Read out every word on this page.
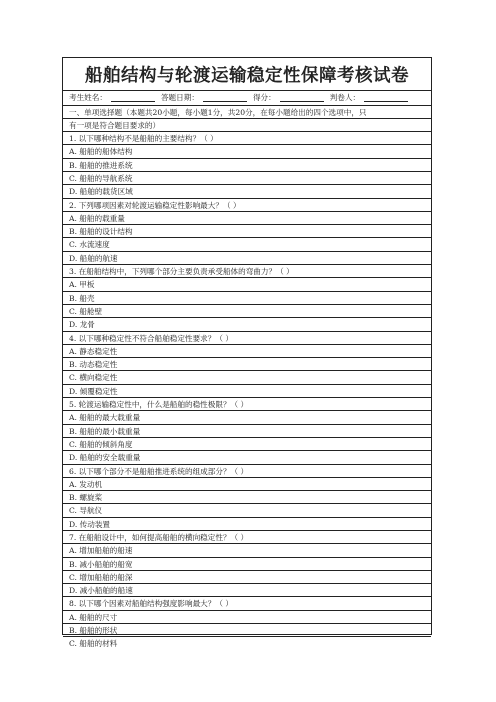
船舶结构与轮渡运输稳定性保障考核试卷
考生姓名：	答题日期：	得分：	判卷人：
一、单项选择题（本题共20小题，每小题1分，共20分，在每小题给出的四个选项中，只
有一项是符合题目要求的）
1. 以下哪种结构不是船舶的主要结构？（ ）
A. 船舶的船体结构
B. 船舶的推进系统
C. 船舶的导航系统
D. 船舶的载货区域
2. 下列哪项因素对轮渡运输稳定性影响最大？（ ）
A. 船舶的载重量
B. 船舶的设计结构
C. 水流速度
D. 船舶的航速
3. 在船舶结构中，下列哪个部分主要负责承受船体的弯曲力？（ ）
A. 甲板
B. 船壳
C. 船舱壁
D. 龙骨
4. 以下哪种稳定性不符合船舶稳定性要求？（ ）
A. 静态稳定性
B. 动态稳定性
C. 横向稳定性
D. 倾覆稳定性
5. 轮渡运输稳定性中，什么是船舶的稳性极限？（ ）
A. 船舶的最大载重量
B. 船舶的最小载重量
C. 船舶的倾斜角度
D. 船舶的安全载重量
6. 以下哪个部分不是船舶推进系统的组成部分？（ ）
A. 发动机
B. 螺旋桨
C. 导航仪
D. 传动装置
7. 在船舶设计中，如何提高船舶的横向稳定性？（ ）
A. 增加船舶的船速
B. 减小船舶的船宽
C. 增加船舶的船深
D. 减小船舶的船速
8. 以下哪个因素对船舶结构强度影响最大？（ ）
A. 船舶的尺寸
B. 船舶的形状
C. 船舶的材料
